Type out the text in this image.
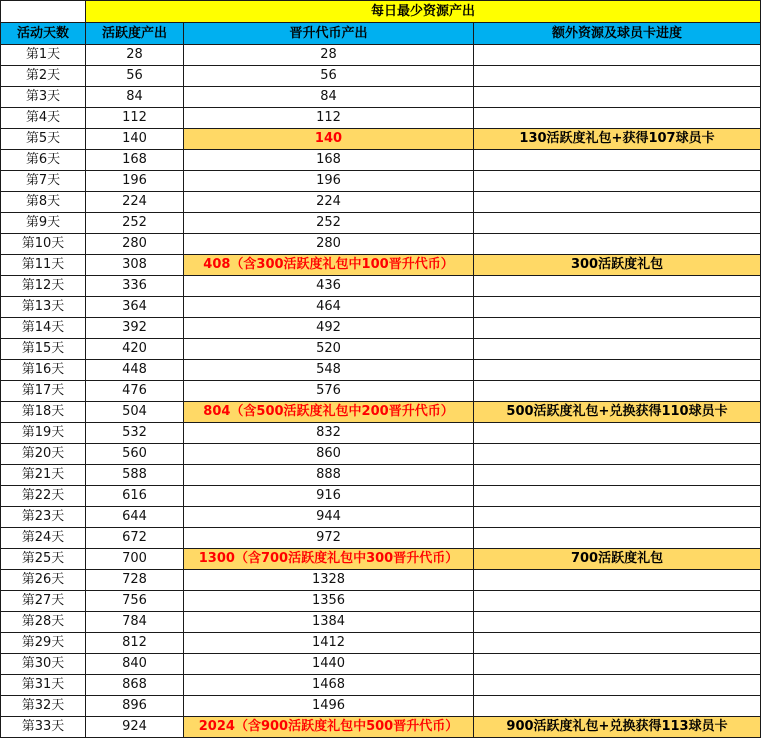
	每日最少资源产出		
活动天数	活跃度产出	晋升代币产出	额外资源及球员卡进度
第1天	28	28	
第2天	56	56	
第3天	84	84	
第4天	112	112	
第5天	140	140	130活跃度礼包+获得107球员卡
第6天	168	168	
第7天	196	196	
第8天	224	224	
第9天	252	252	
第10天	280	280	
第11天	308	408（含300活跃度礼包中100晋升代币）	300活跃度礼包
第12天	336	436	
第13天	364	464	
第14天	392	492	
第15天	420	520	
第16天	448	548	
第17天	476	576	
第18天	504	804（含500活跃度礼包中200晋升代币）	500活跃度礼包+兑换获得110球员卡
第19天	532	832	
第20天	560	860	
第21天	588	888	
第22天	616	916	
第23天	644	944	
第24天	672	972	
第25天	700	1300（含700活跃度礼包中300晋升代币）	700活跃度礼包
第26天	728	1328	
第27天	756	1356	
第28天	784	1384	
第29天	812	1412	
第30天	840	1440	
第31天	868	1468	
第32天	896	1496	
第33天	924	2024（含900活跃度礼包中500晋升代币）	900活跃度礼包+兑换获得113球员卡
